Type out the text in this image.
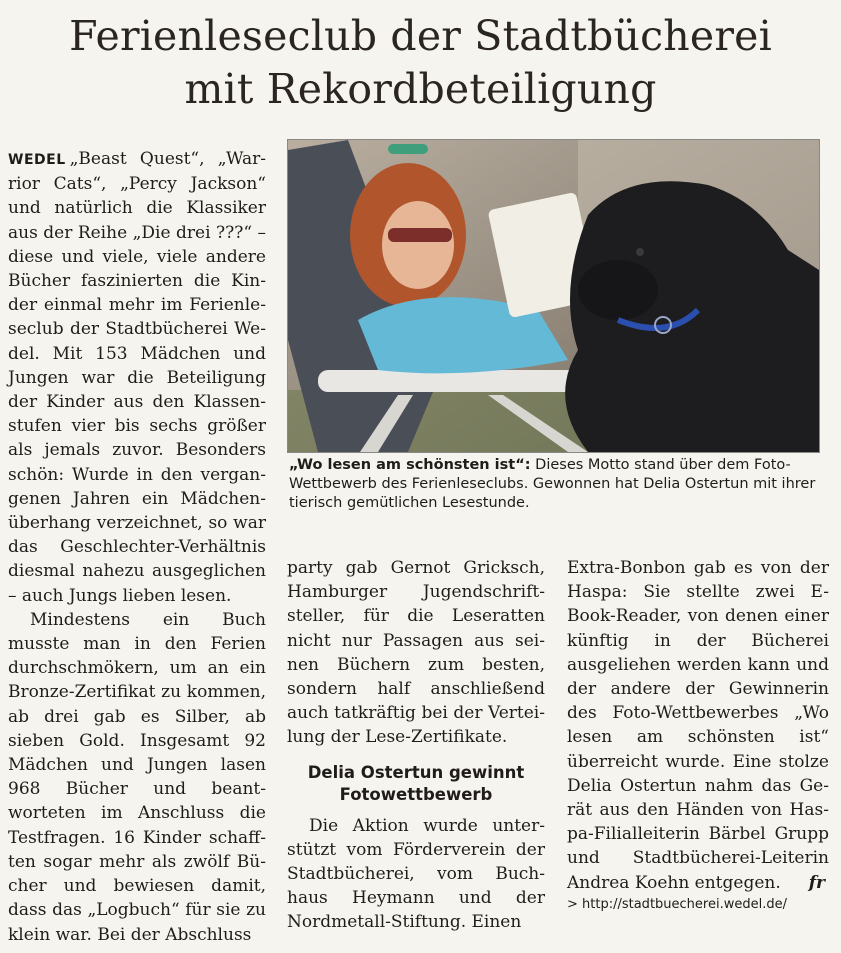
Ferienleseclub der Stadtbücherei
mit Rekordbeteiligung

WEDEL „Beast Quest“, „Warrior Cats“, „Percy Jackson“ und natürlich die Klassiker aus der Reihe „Die drei ???“ – diese und viele, viele andere Bücher faszinierten die Kinder einmal mehr im Ferienleseclub der Stadtbücherei Wedel. Mit 153 Mädchen und Jungen war die Beteiligung der Kinder aus den Klassenstufen vier bis sechs größer als jemals zuvor. Besonders schön: Wurde in den vergangenen Jahren ein Mädchenüberhang verzeichnet, so war das Geschlechter-Verhältnis diesmal nahezu ausgeglichen – auch Jungs lieben lesen.

Mindestens ein Buch musste man in den Ferien durchschmökern, um an ein Bronze-Zertifikat zu kommen, ab drei gab es Silber, ab sieben Gold. Insgesamt 92 Mädchen und Jungen lasen 968 Bücher und beantworteten im Anschluss die Testfragen. 16 Kinder schafften sogar mehr als zwölf Bücher und bewiesen damit, dass das „Logbuch“ für sie zu klein war. Bei der Abschluss

„Wo lesen am schönsten ist“: Dieses Motto stand über dem Foto-Wettbewerb des Ferienleseclubs. Gewonnen hat Delia Ostertun mit ihrer tierisch gemütlichen Lesestunde.

party gab Gernot Gricksch, Hamburger Jugendschriftsteller, für die Leseratten nicht nur Passagen aus seinen Büchern zum besten, sondern half anschließend auch tatkräftig bei der Verteilung der Lese-Zertifikate.

Delia Ostertun gewinnt
Fotowettbewerb

Die Aktion wurde unterstützt vom Förderverein der Stadtbücherei, vom Buchhaus Heymann und der Nordmetall-Stiftung. Einen

Extra-Bonbon gab es von der Haspa: Sie stellte zwei E-Book-Reader, von denen einer künftig in der Bücherei ausgeliehen werden kann und der andere der Gewinnerin des Foto-Wettbewerbes „Wo lesen am schönsten ist“ überreicht wurde. Eine stolze Delia Ostertun nahm das Gerät aus den Händen von Haspa-Filialleiterin Bärbel Grupp und Stadtbücherei-Leiterin Andrea Koehn entgegen. fr

> http://stadtbuecherei.wedel.de/
